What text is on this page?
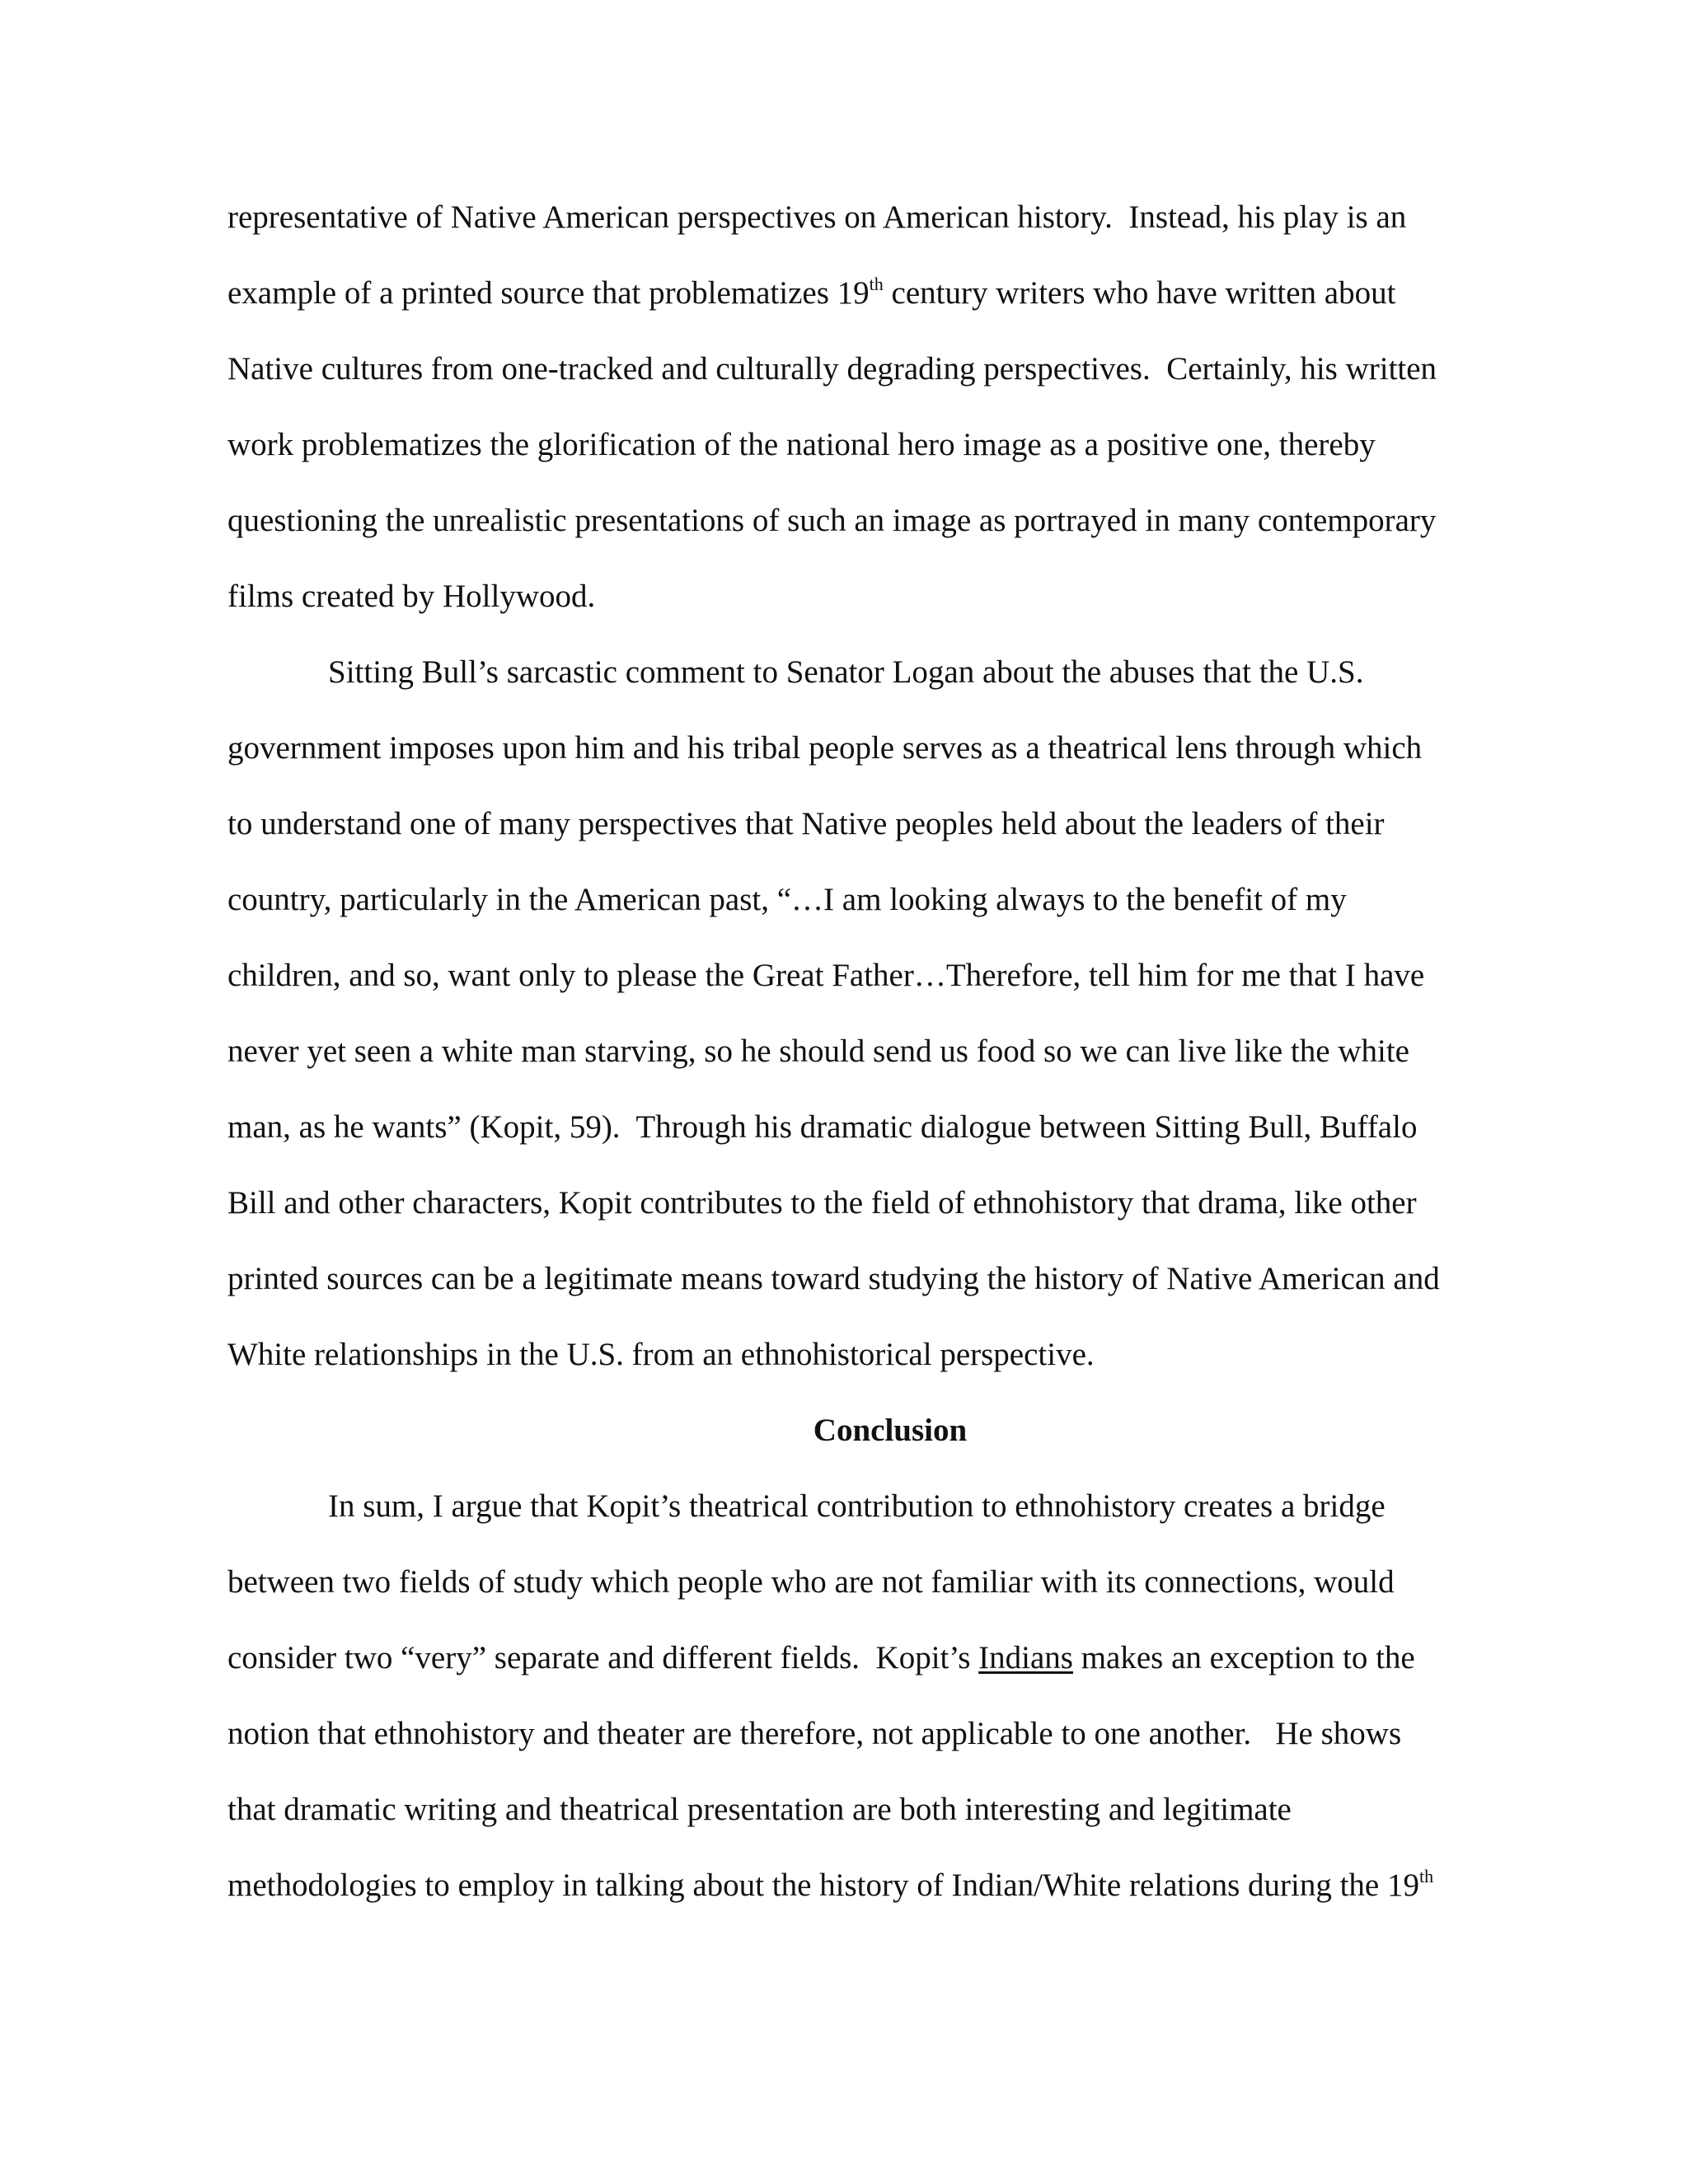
representative of Native American perspectives on American history.  Instead, his play is an
example of a printed source that problematizes 19th century writers who have written about
Native cultures from one-tracked and culturally degrading perspectives.  Certainly, his written
work problematizes the glorification of the national hero image as a positive one, thereby
questioning the unrealistic presentations of such an image as portrayed in many contemporary
films created by Hollywood.
Sitting Bull’s sarcastic comment to Senator Logan about the abuses that the U.S.
government imposes upon him and his tribal people serves as a theatrical lens through which
to understand one of many perspectives that Native peoples held about the leaders of their
country, particularly in the American past, “…I am looking always to the benefit of my
children, and so, want only to please the Great Father…Therefore, tell him for me that I have
never yet seen a white man starving, so he should send us food so we can live like the white
man, as he wants” (Kopit, 59).  Through his dramatic dialogue between Sitting Bull, Buffalo
Bill and other characters, Kopit contributes to the field of ethnohistory that drama, like other
printed sources can be a legitimate means toward studying the history of Native American and
White relationships in the U.S. from an ethnohistorical perspective.
Conclusion
In sum, I argue that Kopit’s theatrical contribution to ethnohistory creates a bridge
between two fields of study which people who are not familiar with its connections, would
consider two “very” separate and different fields.  Kopit’s Indians makes an exception to the
notion that ethnohistory and theater are therefore, not applicable to one another.   He shows
that dramatic writing and theatrical presentation are both interesting and legitimate
methodologies to employ in talking about the history of Indian/White relations during the 19th
